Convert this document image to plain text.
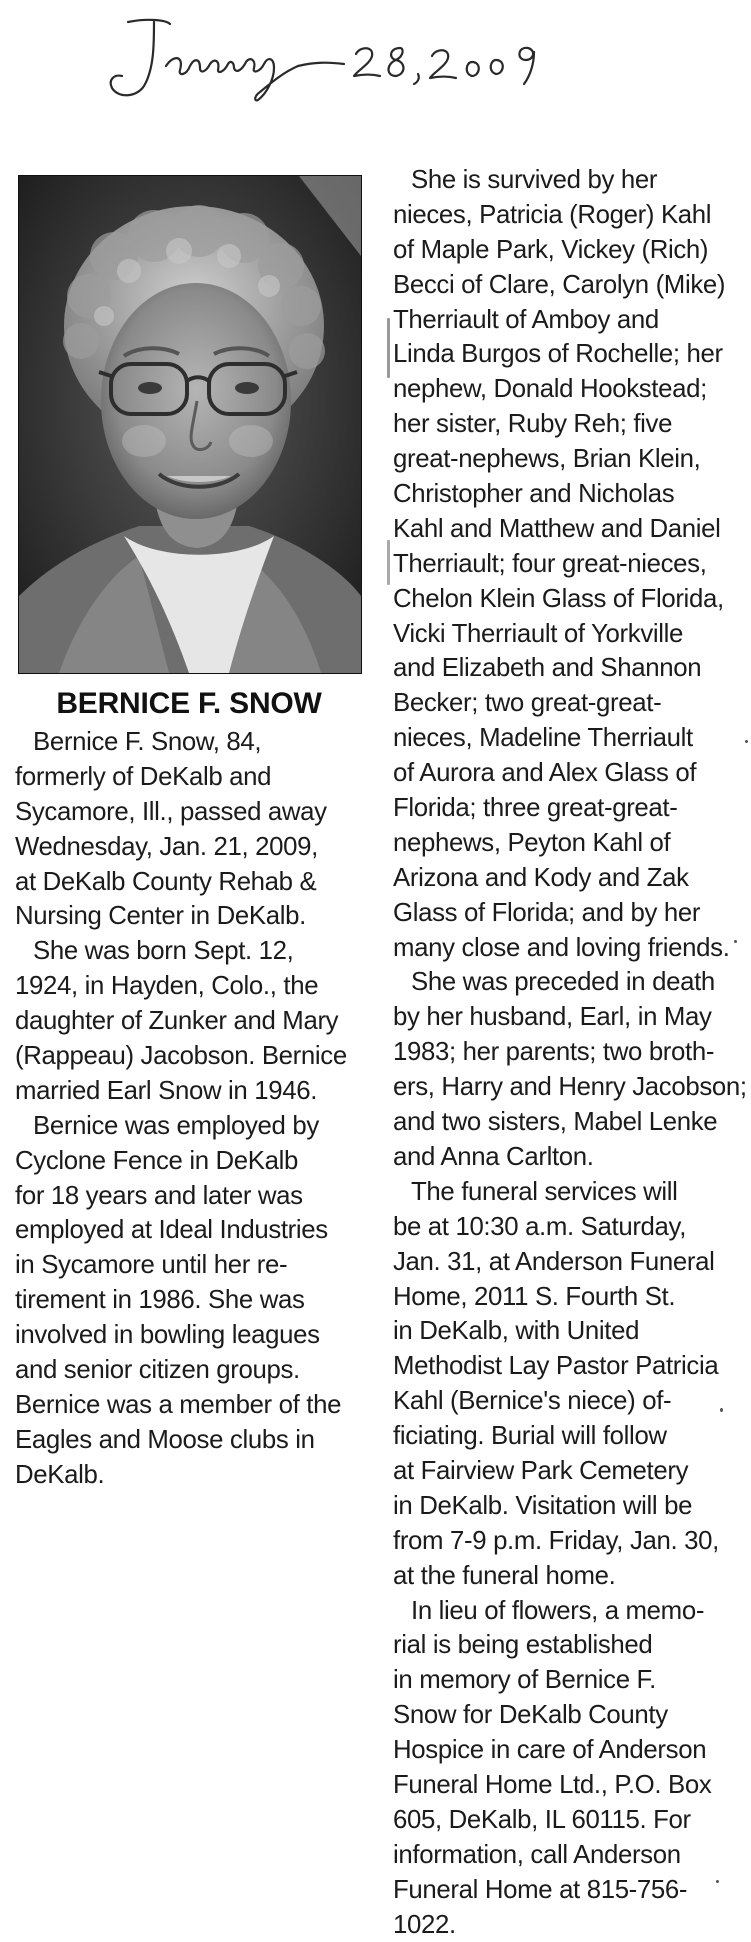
BERNICE F. SNOW
Bernice F. Snow, 84,
formerly of DeKalb and
Sycamore, Ill., passed away
Wednesday, Jan. 21, 2009,
at DeKalb County Rehab &
Nursing Center in DeKalb.
She was born Sept. 12,
1924, in Hayden, Colo., the
daughter of Zunker and Mary
(Rappeau) Jacobson. Bernice
married Earl Snow in 1946.
Bernice was employed by
Cyclone Fence in DeKalb
for 18 years and later was
employed at Ideal Industries
in Sycamore until her re-
tirement in 1986. She was
involved in bowling leagues
and senior citizen groups.
Bernice was a member of the
Eagles and Moose clubs in
DeKalb.
She is survived by her
nieces, Patricia (Roger) Kahl
of Maple Park, Vickey (Rich)
Becci of Clare, Carolyn (Mike)
Therriault of Amboy and
Linda Burgos of Rochelle; her
nephew, Donald Hookstead;
her sister, Ruby Reh; five
great-nephews, Brian Klein,
Christopher and Nicholas
Kahl and Matthew and Daniel
Therriault; four great-nieces,
Chelon Klein Glass of Florida,
Vicki Therriault of Yorkville
and Elizabeth and Shannon
Becker; two great-great-
nieces, Madeline Therriault
of Aurora and Alex Glass of
Florida; three great-great-
nephews, Peyton Kahl of
Arizona and Kody and Zak
Glass of Florida; and by her
many close and loving friends.
She was preceded in death
by her husband, Earl, in May
1983; her parents; two broth-
ers, Harry and Henry Jacobson;
and two sisters, Mabel Lenke
and Anna Carlton.
The funeral services will
be at 10:30 a.m. Saturday,
Jan. 31, at Anderson Funeral
Home, 2011 S. Fourth St.
in DeKalb, with United
Methodist Lay Pastor Patricia
Kahl (Bernice's niece) of-
ficiating. Burial will follow
at Fairview Park Cemetery
in DeKalb. Visitation will be
from 7-9 p.m. Friday, Jan. 30,
at the funeral home.
In lieu of flowers, a memo-
rial is being established
in memory of Bernice F.
Snow for DeKalb County
Hospice in care of Anderson
Funeral Home Ltd., P.O. Box
605, DeKalb, IL 60115. For
information, call Anderson
Funeral Home at 815-756-
1022.
